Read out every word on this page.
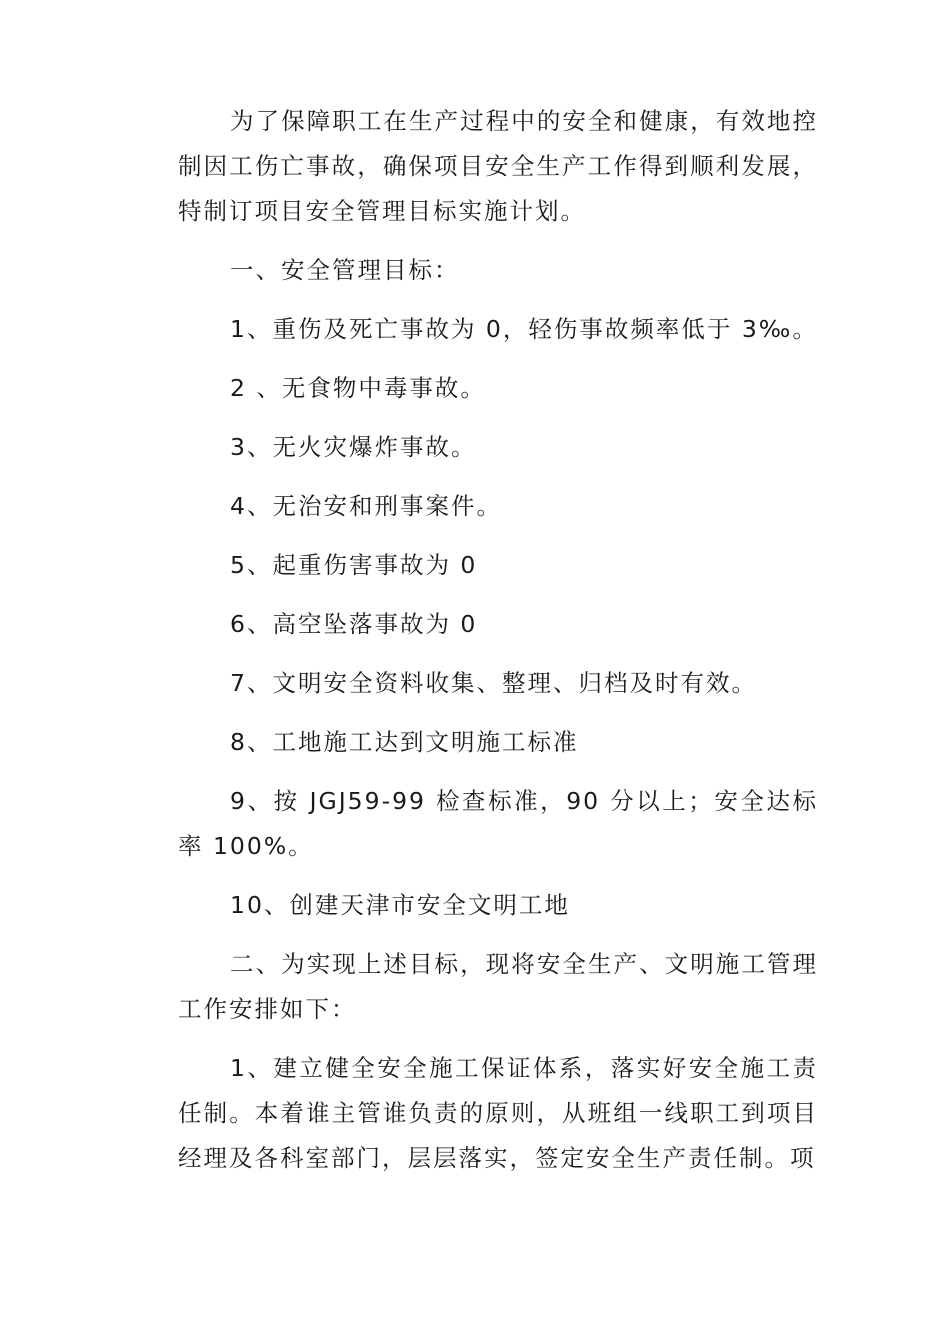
为了保障职工在生产过程中的安全和健康，有效地控制因工伤亡事故，确保项目安全生产工作得到顺利发展，特制订项目安全管理目标实施计划。

一、安全管理目标：

1、重伤及死亡事故为 0，轻伤事故频率低于 3‰。

2 、无食物中毒事故。

3、无火灾爆炸事故。

4、无治安和刑事案件。

5、起重伤害事故为 0

6、高空坠落事故为 0

7、文明安全资料收集、整理、归档及时有效。

8、工地施工达到文明施工标准

9、按 JGJ59-99 检查标准，90 分以上；安全达标率 100%。

10、创建天津市安全文明工地

二、为实现上述目标，现将安全生产、文明施工管理工作安排如下：

1、建立健全安全施工保证体系，落实好安全施工责任制。本着谁主管谁负责的原则，从班组一线职工到项目经理及各科室部门，层层落实，签定安全生产责任制。项
